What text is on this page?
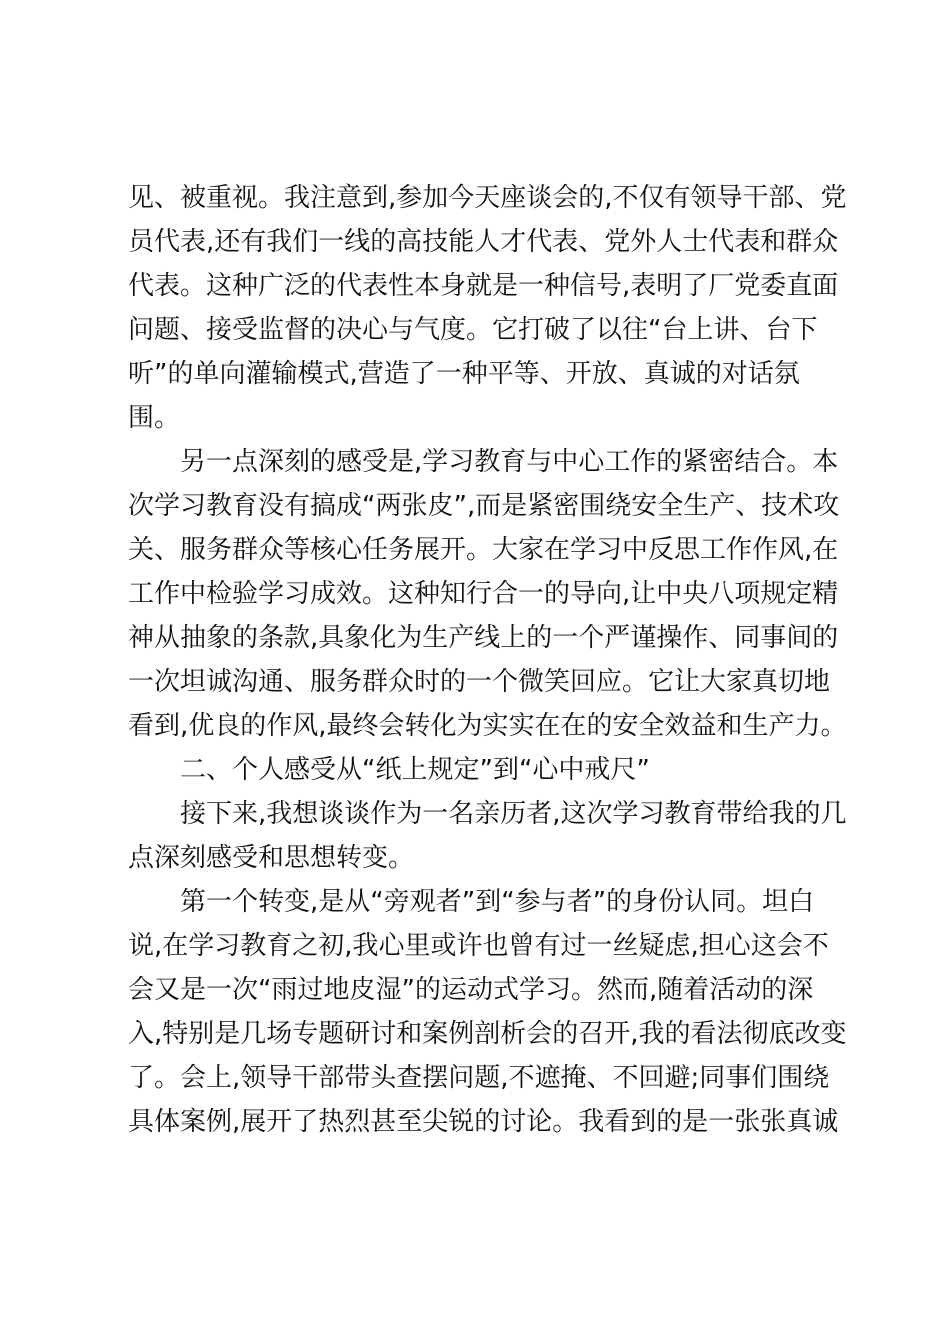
见、被重视。我注意到,参加今天座谈会的,不仅有领导干部、党
员代表,还有我们一线的高技能人才代表、党外人士代表和群众
代表。这种广泛的代表性本身就是一种信号,表明了厂党委直面
问题、接受监督的决心与气度。它打破了以往“台上讲、台下
听”的单向灌输模式,营造了一种平等、开放、真诚的对话氛
围。
另一点深刻的感受是,学习教育与中心工作的紧密结合。本
次学习教育没有搞成“两张皮”,而是紧密围绕安全生产、技术攻
关、服务群众等核心任务展开。大家在学习中反思工作作风,在
工作中检验学习成效。这种知行合一的导向,让中央八项规定精
神从抽象的条款,具象化为生产线上的一个严谨操作、同事间的
一次坦诚沟通、服务群众时的一个微笑回应。它让大家真切地
看到,优良的作风,最终会转化为实实在在的安全效益和生产力。
二、个人感受从“纸上规定”到“心中戒尺”
接下来,我想谈谈作为一名亲历者,这次学习教育带给我的几
点深刻感受和思想转变。
第一个转变,是从“旁观者”到“参与者”的身份认同。坦白
说,在学习教育之初,我心里或许也曾有过一丝疑虑,担心这会不
会又是一次“雨过地皮湿”的运动式学习。然而,随着活动的深
入,特别是几场专题研讨和案例剖析会的召开,我的看法彻底改变
了。会上,领导干部带头查摆问题,不遮掩、不回避;同事们围绕
具体案例,展开了热烈甚至尖锐的讨论。我看到的是一张张真诚
